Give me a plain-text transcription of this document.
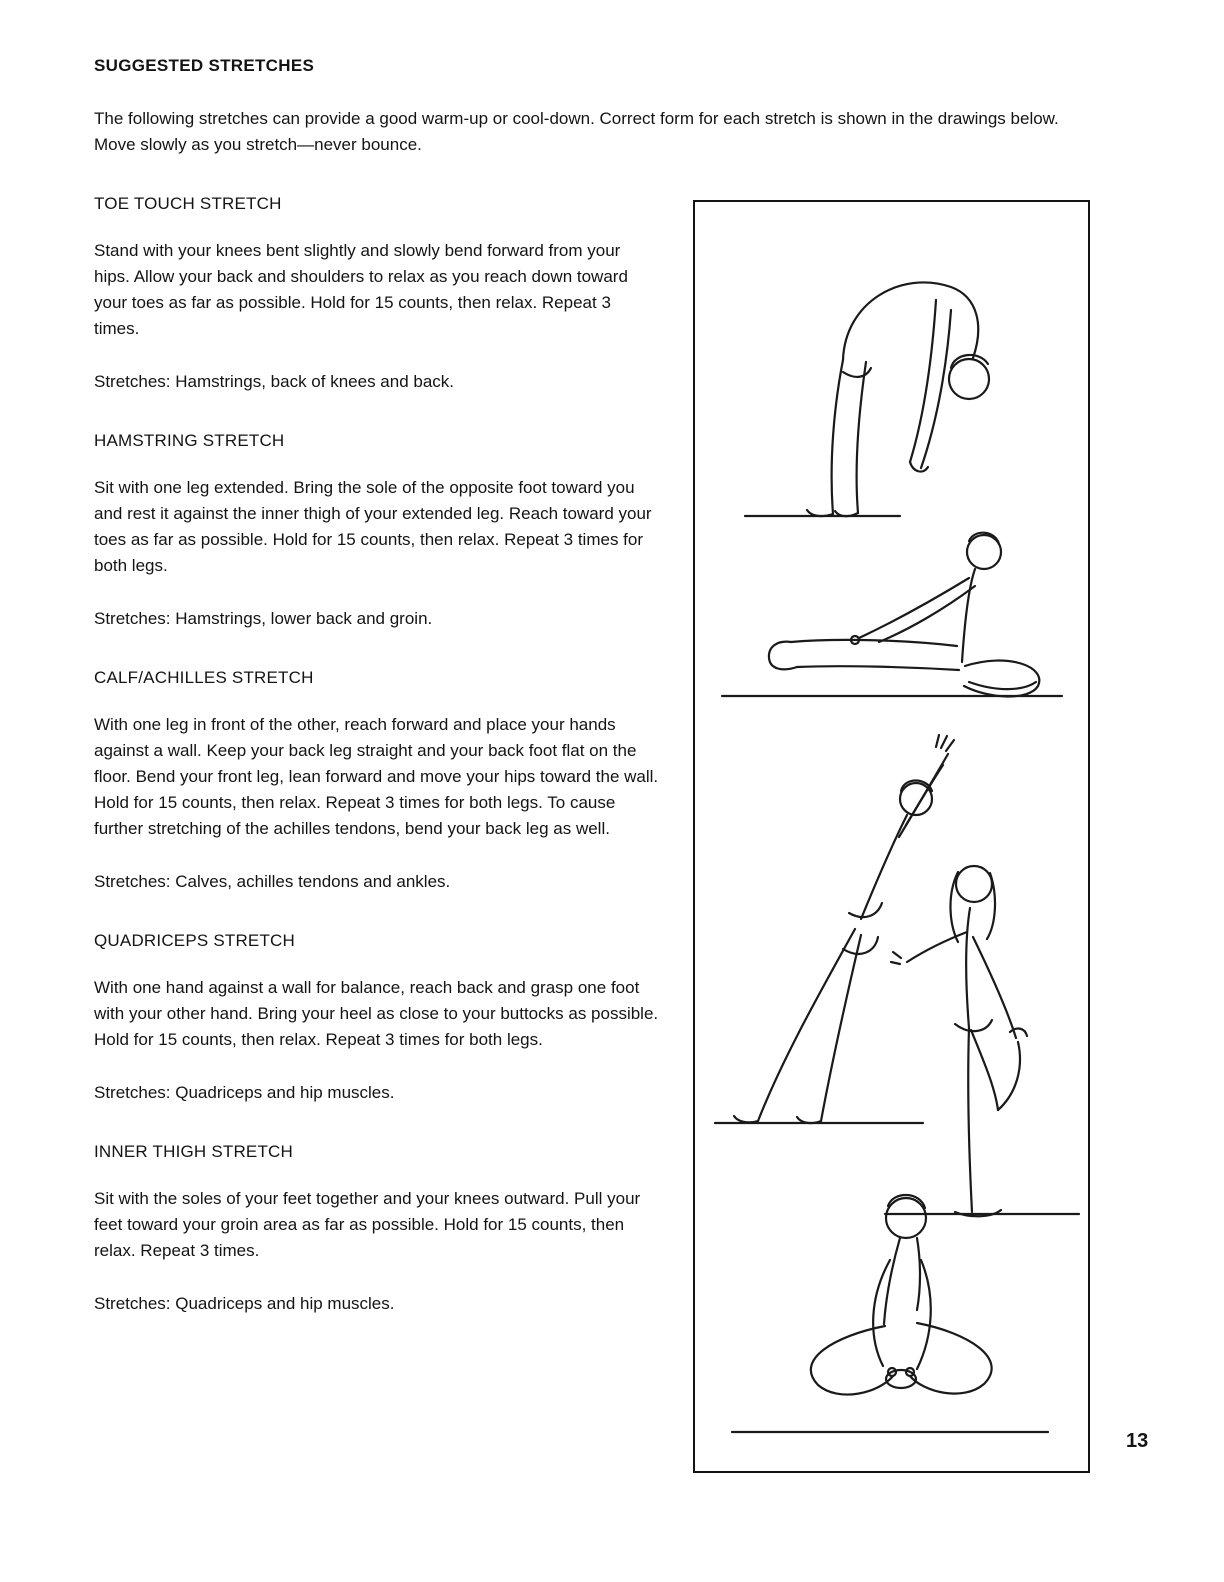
SUGGESTED STRETCHES

The following stretches can provide a good warm-up or cool-down. Correct form for each stretch is shown in the drawings below. Move slowly as you stretch—never bounce.

TOE TOUCH STRETCH

Stand with your knees bent slightly and slowly bend forward from your hips. Allow your back and shoulders to relax as you reach down toward your toes as far as possible. Hold for 15 counts, then relax. Repeat 3 times.

Stretches: Hamstrings, back of knees and back.

HAMSTRING STRETCH

Sit with one leg extended. Bring the sole of the opposite foot toward you and rest it against the inner thigh of your extended leg. Reach toward your toes as far as possible. Hold for 15 counts, then relax. Repeat 3 times for both legs.

Stretches: Hamstrings, lower back and groin.

CALF/ACHILLES STRETCH

With one leg in front of the other, reach forward and place your hands against a wall. Keep your back leg straight and your back foot flat on the floor. Bend your front leg, lean forward and move your hips toward the wall. Hold for 15 counts, then relax. Repeat 3 times for both legs. To cause further stretching of the achilles tendons, bend your back leg as well.

Stretches: Calves, achilles tendons and ankles.

QUADRICEPS STRETCH

With one hand against a wall for balance, reach back and grasp one foot with your other hand. Bring your heel as close to your buttocks as possible. Hold for 15 counts, then relax. Repeat 3 times for both legs.

Stretches: Quadriceps and hip muscles.

INNER THIGH STRETCH

Sit with the soles of your feet together and your knees outward. Pull your feet toward your groin area as far as possible. Hold for 15 counts, then relax. Repeat 3 times.

Stretches: Quadriceps and hip muscles.

13
